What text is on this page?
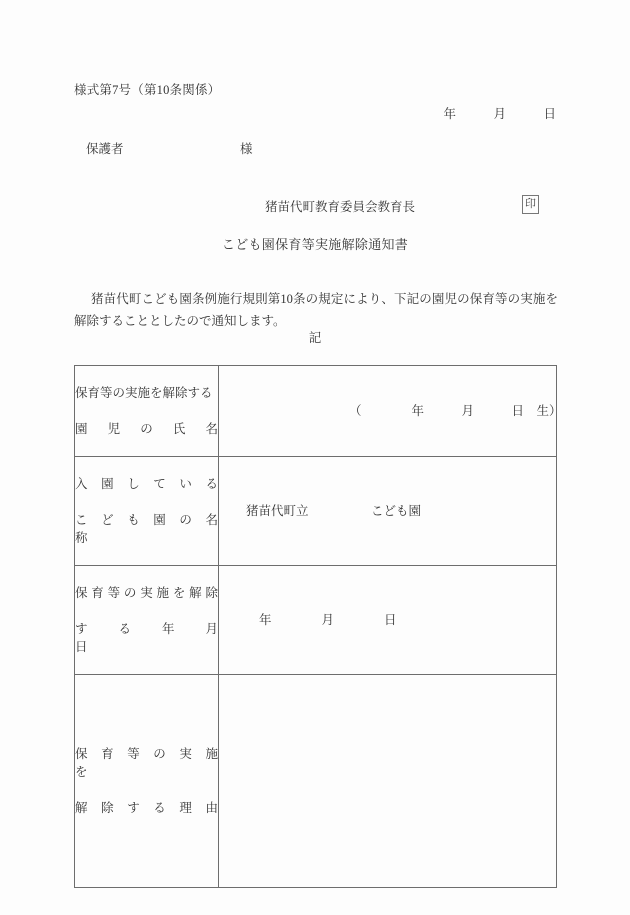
様式第7号（第10条関係）
年　　　月　　　日
保護者	様
猪苗代町教育委員会教育長	印
こども園保育等実施解除通知書
猪苗代町こども園条例施行規則第10条の規定により、下記の園児の保育等の実施を解除することとしたので通知します。
記

保育等の実施を解除する

園　児　の　氏　名	（　　　　年　　　月　　　日　生）

入　園　し　て　い　る

こ　ど　も　園　の　名　称	猪苗代町立　　　　　こども園

保 育 等 の 実 施 を 解 除

す　　る　　年　　月　　日	年　　　　月　　　　日

保　育　等　の　実　施　を

解　除　す　る　理　由	
